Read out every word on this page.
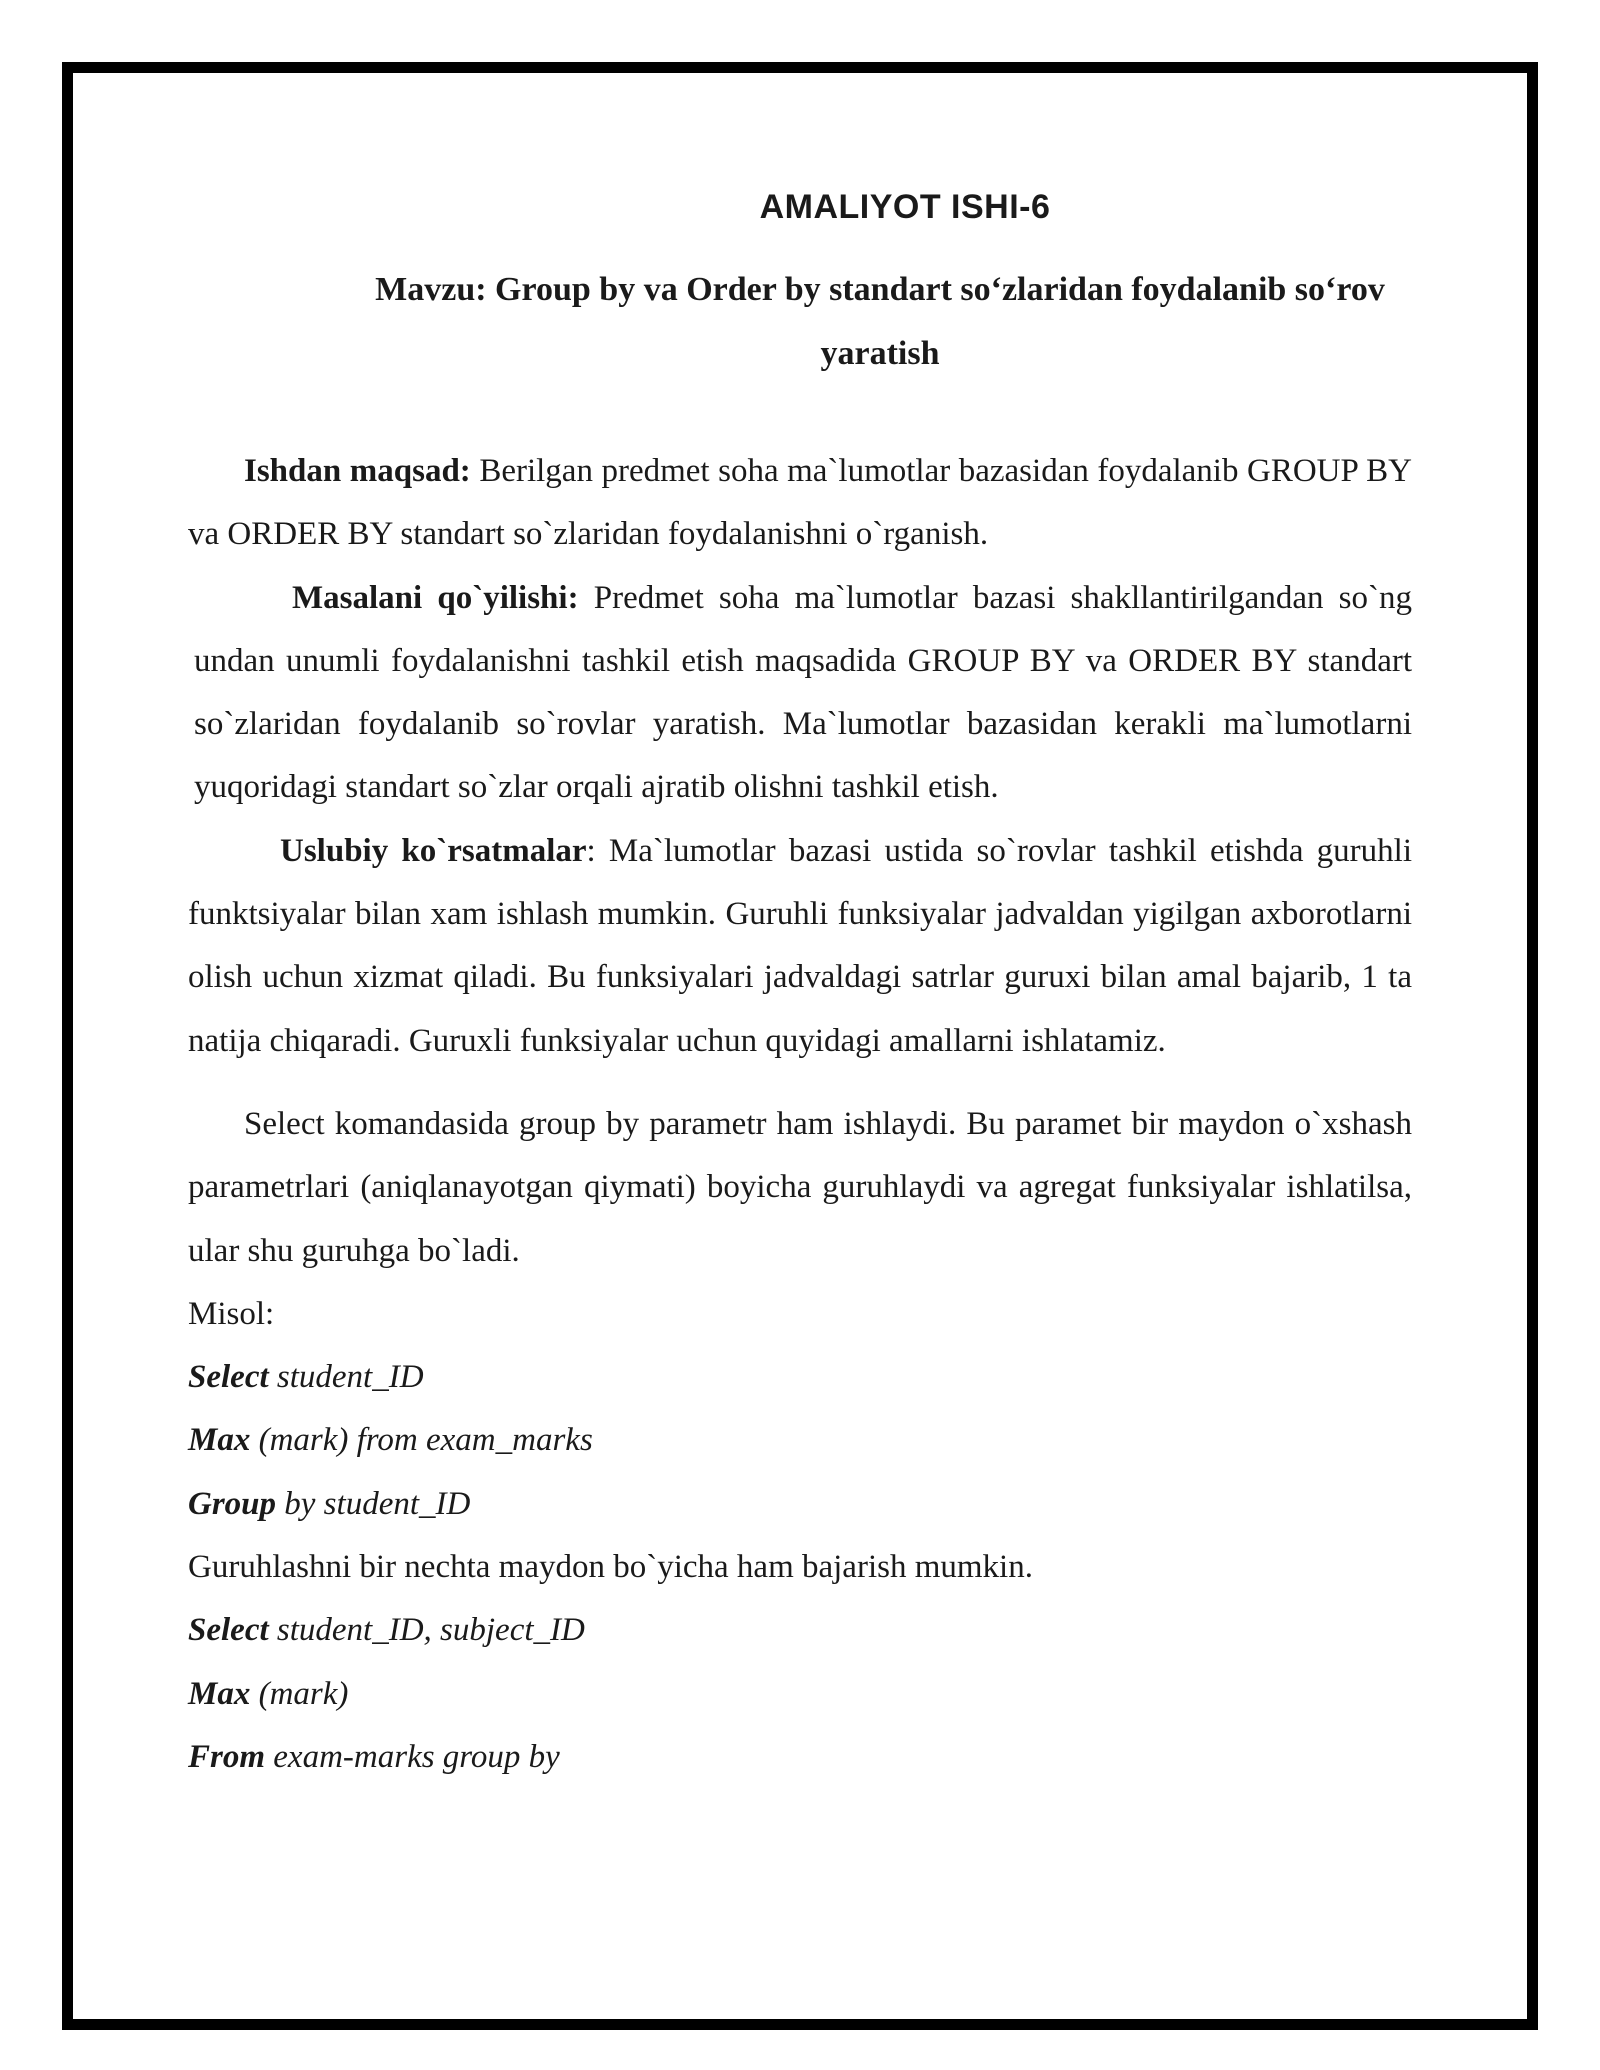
AMALIYOT ISHI-6
Mavzu: Group by va Order by standart so‘zlaridan foydalanib so‘rov yaratish

Ishdan maqsad: Berilgan predmet soha ma`lumotlar bazasidan foydalanib GROUP BY va ORDER BY standart so`zlaridan foydalanishni o`rganish.

Masalani qo`yilishi: Predmet soha ma`lumotlar bazasi shakllantirilgandan so`ng undan unumli foydalanishni tashkil etish maqsadida GROUP BY va ORDER BY standart so`zlaridan foydalanib so`rovlar yaratish. Ma`lumotlar bazasidan kerakli ma`lumotlarni yuqoridagi standart so`zlar orqali ajratib olishni tashkil etish.

Uslubiy ko`rsatmalar: Ma`lumotlar bazasi ustida so`rovlar tashkil etishda guruhli funktsiyalar bilan xam ishlash mumkin. Guruhli funksiyalar jadvaldan yigilgan axborotlarni olish uchun xizmat qiladi. Bu funksiyalari jadvaldagi satrlar guruxi bilan amal bajarib, 1 ta natija chiqaradi. Guruxli funksiyalar uchun quyidagi amallarni ishlatamiz.

Select komandasida group by parametr ham ishlaydi. Bu paramet bir maydon o`xshash parametrlari (aniqlanayotgan qiymati) boyicha guruhlaydi va agregat funksiyalar ishlatilsa, ular shu guruhga bo`ladi.

Misol:

Select student_ID

Max (mark) from exam_marks

Group by student_ID

Guruhlashni bir nechta maydon bo`yicha ham bajarish mumkin.

Select student_ID, subject_ID

Max (mark)

From exam-marks group by
